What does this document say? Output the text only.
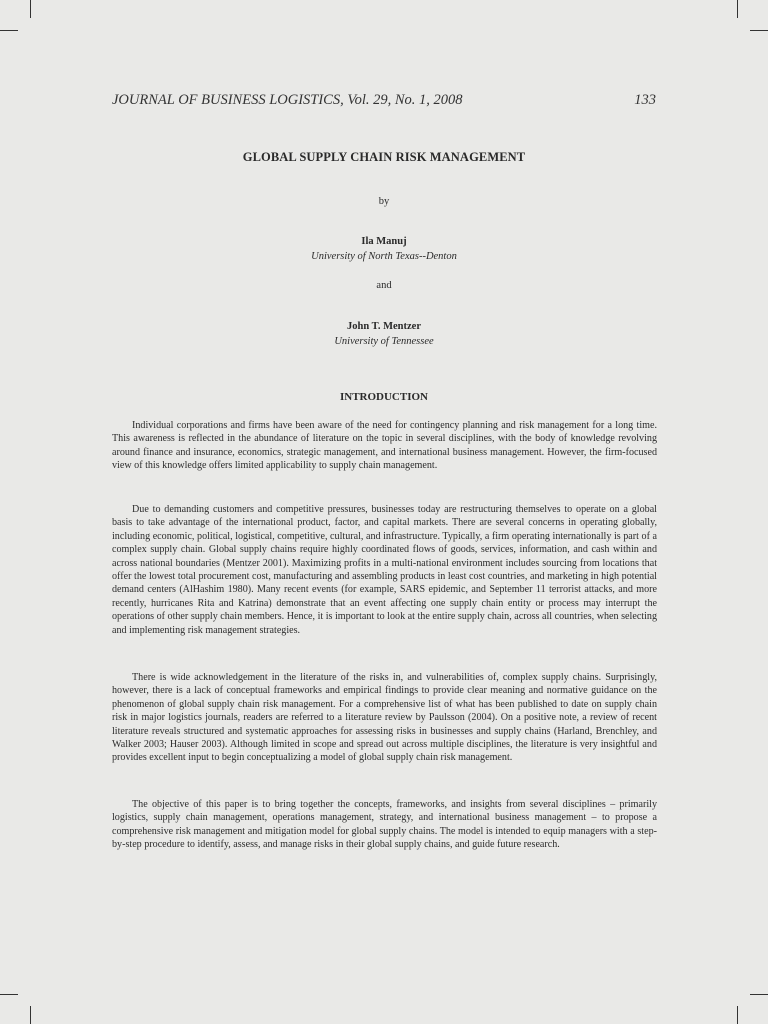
JOURNAL OF BUSINESS LOGISTICS, Vol. 29, No. 1, 2008	133
GLOBAL SUPPLY CHAIN RISK MANAGEMENT
by
Ila Manuj
University of North Texas--Denton
and
John T. Mentzer
University of Tennessee
INTRODUCTION

Individual corporations and firms have been aware of the need for contingency planning and risk management for a long time. This awareness is reflected in the abundance of literature on the topic in several disciplines, with the body of knowledge revolving around finance and insurance, economics, strategic management, and international business management. However, the firm-focused view of this knowledge offers limited applicability to supply chain management.

Due to demanding customers and competitive pressures, businesses today are restructuring themselves to operate on a global basis to take advantage of the international product, factor, and capital markets. There are several concerns in operating globally, including economic, political, logistical, competitive, cultural, and infrastructure. Typically, a firm operating internationally is part of a complex supply chain. Global supply chains require highly coordinated flows of goods, services, information, and cash within and across national boundaries (Mentzer 2001). Maximizing profits in a multi-national environment includes sourcing from locations that offer the lowest total procurement cost, manufacturing and assembling products in least cost countries, and marketing in high potential demand centers (AlHashim 1980). Many recent events (for example, SARS epidemic, and September 11 terrorist attacks, and more recently, hurricanes Rita and Katrina) demonstrate that an event affecting one supply chain entity or process may interrupt the operations of other supply chain members. Hence, it is important to look at the entire supply chain, across all countries, when selecting and implementing risk management strategies.

There is wide acknowledgement in the literature of the risks in, and vulnerabilities of, complex supply chains. Surprisingly, however, there is a lack of conceptual frameworks and empirical findings to provide clear meaning and normative guidance on the phenomenon of global supply chain risk management. For a comprehensive list of what has been published to date on supply chain risk in major logistics journals, readers are referred to a literature review by Paulsson (2004). On a positive note, a review of recent literature reveals structured and systematic approaches for assessing risks in businesses and supply chains (Harland, Brenchley, and Walker 2003; Hauser 2003). Although limited in scope and spread out across multiple disciplines, the literature is very insightful and provides excellent input to begin conceptualizing a model of global supply chain risk management.

The objective of this paper is to bring together the concepts, frameworks, and insights from several disciplines – primarily logistics, supply chain management, operations management, strategy, and international business management – to propose a comprehensive risk management and mitigation model for global supply chains. The model is intended to equip managers with a step-by-step procedure to identify, assess, and manage risks in their global supply chains, and guide future research.
